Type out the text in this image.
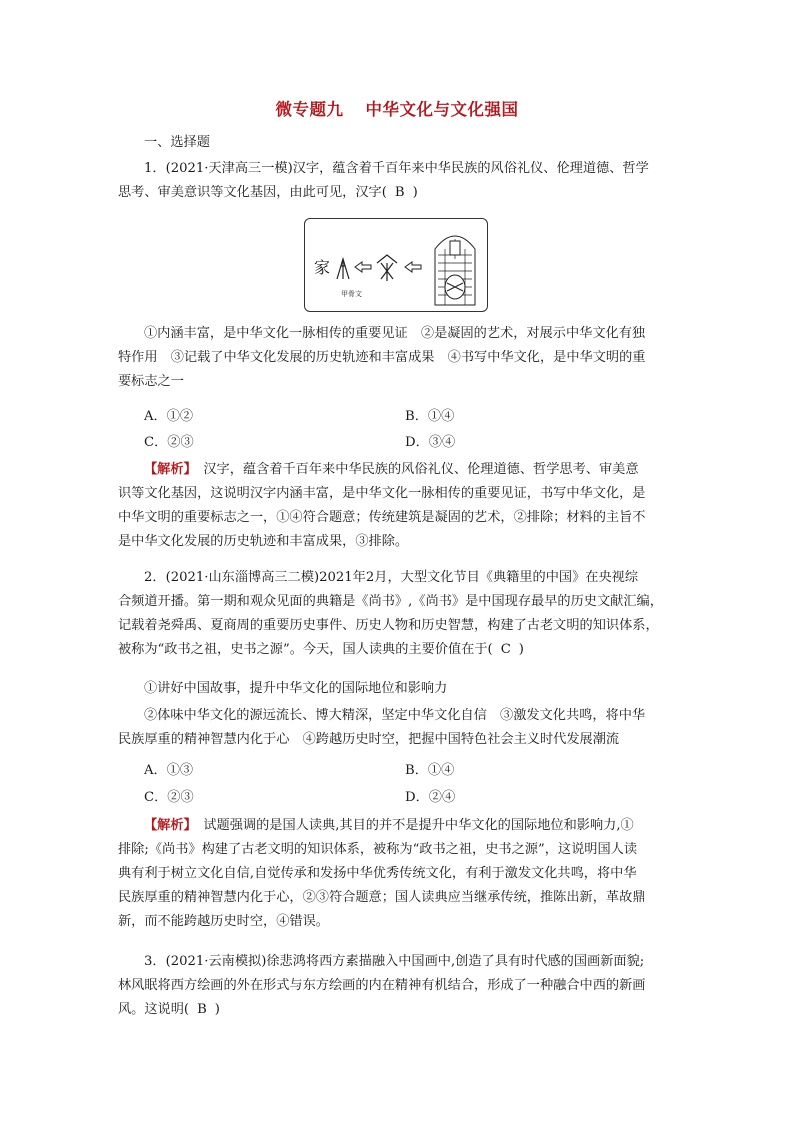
微专题九 中华文化与文化强国
一、选择题
1．(2021·天津高三一模)汉字，蕴含着千百年来中华民族的风俗礼仪、伦理道德、哲学
思考、审美意识等文化基因，由此可见，汉字( B )
家
甲骨文
①内涵丰富，是中华文化一脉相传的重要见证　②是凝固的艺术，对展示中华文化有独
特作用　③记载了中华文化发展的历史轨迹和丰富成果　④书写中华文化，是中华文明的重
要标志之一
A．①②	B．①④
C．②③	D．③④
【解析】　汉字，蕴含着千百年来中华民族的风俗礼仪、伦理道德、哲学思考、审美意
识等文化基因，这说明汉字内涵丰富，是中华文化一脉相传的重要见证，书写中华文化，是
中华文明的重要标志之一，①④符合题意；传统建筑是凝固的艺术，②排除；材料的主旨不
是中华文化发展的历史轨迹和丰富成果，③排除。
2．(2021·山东淄博高三二模)2021年2月，大型文化节目《典籍里的中国》在央视综
合频道开播。第一期和观众见面的典籍是《尚书》,《尚书》是中国现存最早的历史文献汇编，
记载着尧舜禹、夏商周的重要历史事件、历史人物和历史智慧，构建了古老文明的知识体系，
被称为“政书之祖，史书之源”。今天，国人读典的主要价值在于( C )
①讲好中国故事，提升中华文化的国际地位和影响力
②体味中华文化的源远流长、博大精深，坚定中华文化自信　③激发文化共鸣，将中华
民族厚重的精神智慧内化于心　④跨越历史时空，把握中国特色社会主义时代发展潮流
A．①③	B．①④
C．②③	D．②④
【解析】　试题强调的是国人读典,其目的并不是提升中华文化的国际地位和影响力,①
排除;《尚书》构建了古老文明的知识体系，被称为“政书之祖，史书之源”，这说明国人读
典有利于树立文化自信,自觉传承和发扬中华优秀传统文化，有利于激发文化共鸣，将中华
民族厚重的精神智慧内化于心，②③符合题意；国人读典应当继承传统，推陈出新，革故鼎
新，而不能跨越历史时空，④错误。
3．(2021·云南模拟)徐悲鸿将西方素描融入中国画中,创造了具有时代感的国画新面貌;
林风眠将西方绘画的外在形式与东方绘画的内在精神有机结合，形成了一种融合中西的新画
风。这说明( B )
